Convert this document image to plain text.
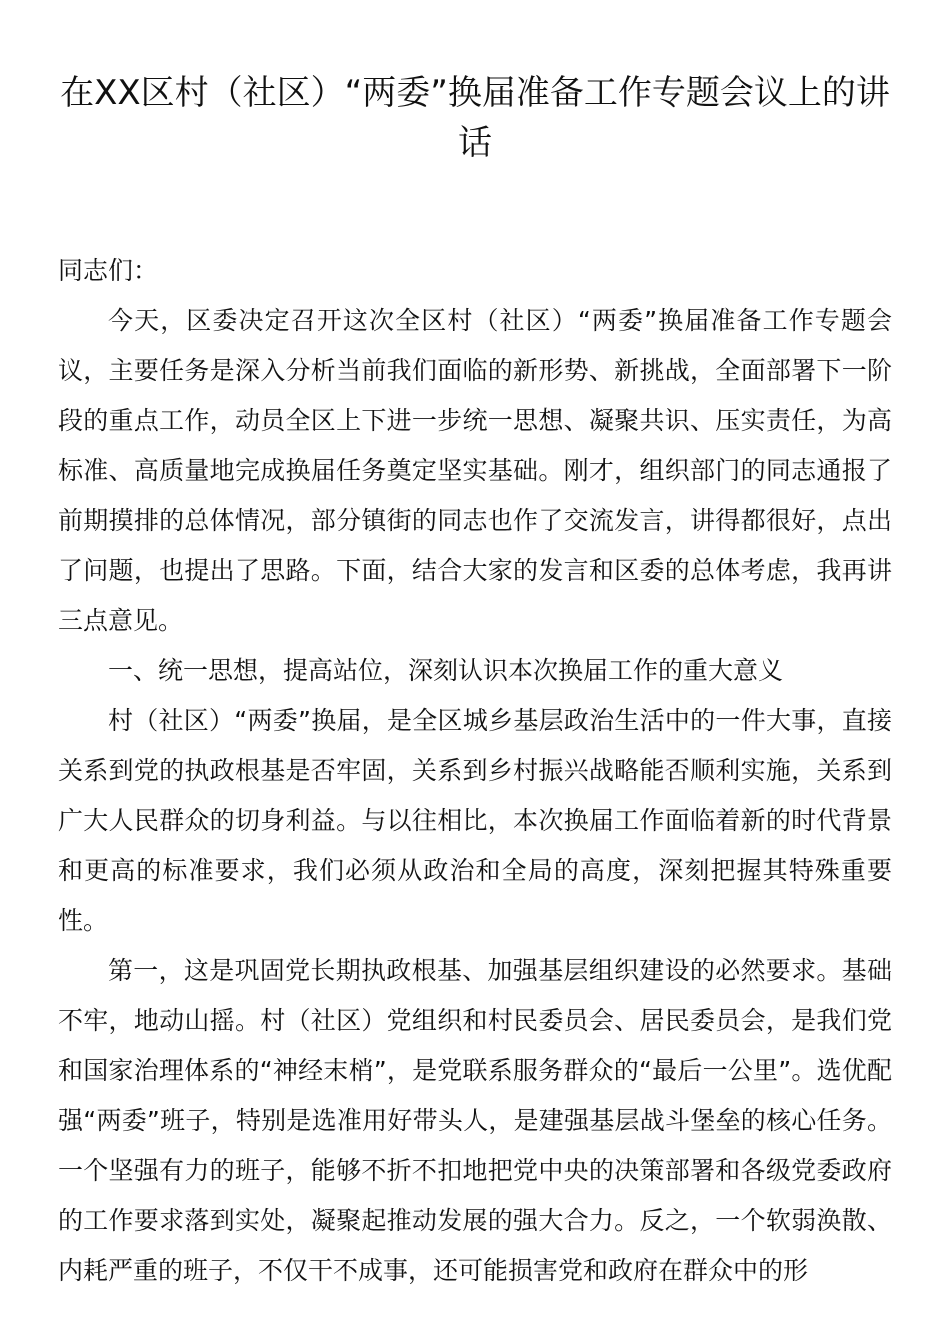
在XX区村（社区）“两委”换届准备工作专题会议上的讲话

同志们：

今天，区委决定召开这次全区村（社区）“两委”换届准备工作专题会议，主要任务是深入分析当前我们面临的新形势、新挑战，全面部署下一阶段的重点工作，动员全区上下进一步统一思想、凝聚共识、压实责任，为高标准、高质量地完成换届任务奠定坚实基础。刚才，组织部门的同志通报了前期摸排的总体情况，部分镇街的同志也作了交流发言，讲得都很好，点出了问题，也提出了思路。下面，结合大家的发言和区委的总体考虑，我再讲三点意见。

一、统一思想，提高站位，深刻认识本次换届工作的重大意义

村（社区）“两委”换届，是全区城乡基层政治生活中的一件大事，直接关系到党的执政根基是否牢固，关系到乡村振兴战略能否顺利实施，关系到广大人民群众的切身利益。与以往相比，本次换届工作面临着新的时代背景和更高的标准要求，我们必须从政治和全局的高度，深刻把握其特殊重要性。

第一，这是巩固党长期执政根基、加强基层组织建设的必然要求。基础不牢，地动山摇。村（社区）党组织和村民委员会、居民委员会，是我们党和国家治理体系的“神经末梢”，是党联系服务群众的“最后一公里”。选优配强“两委”班子，特别是选准用好带头人，是建强基层战斗堡垒的核心任务。一个坚强有力的班子，能够不折不扣地把党中央的决策部署和各级党委政府的工作要求落到实处，凝聚起推动发展的强大合力。反之，一个软弱涣散、内耗严重的班子，不仅干不成事，还可能损害党和政府在群众中的形
